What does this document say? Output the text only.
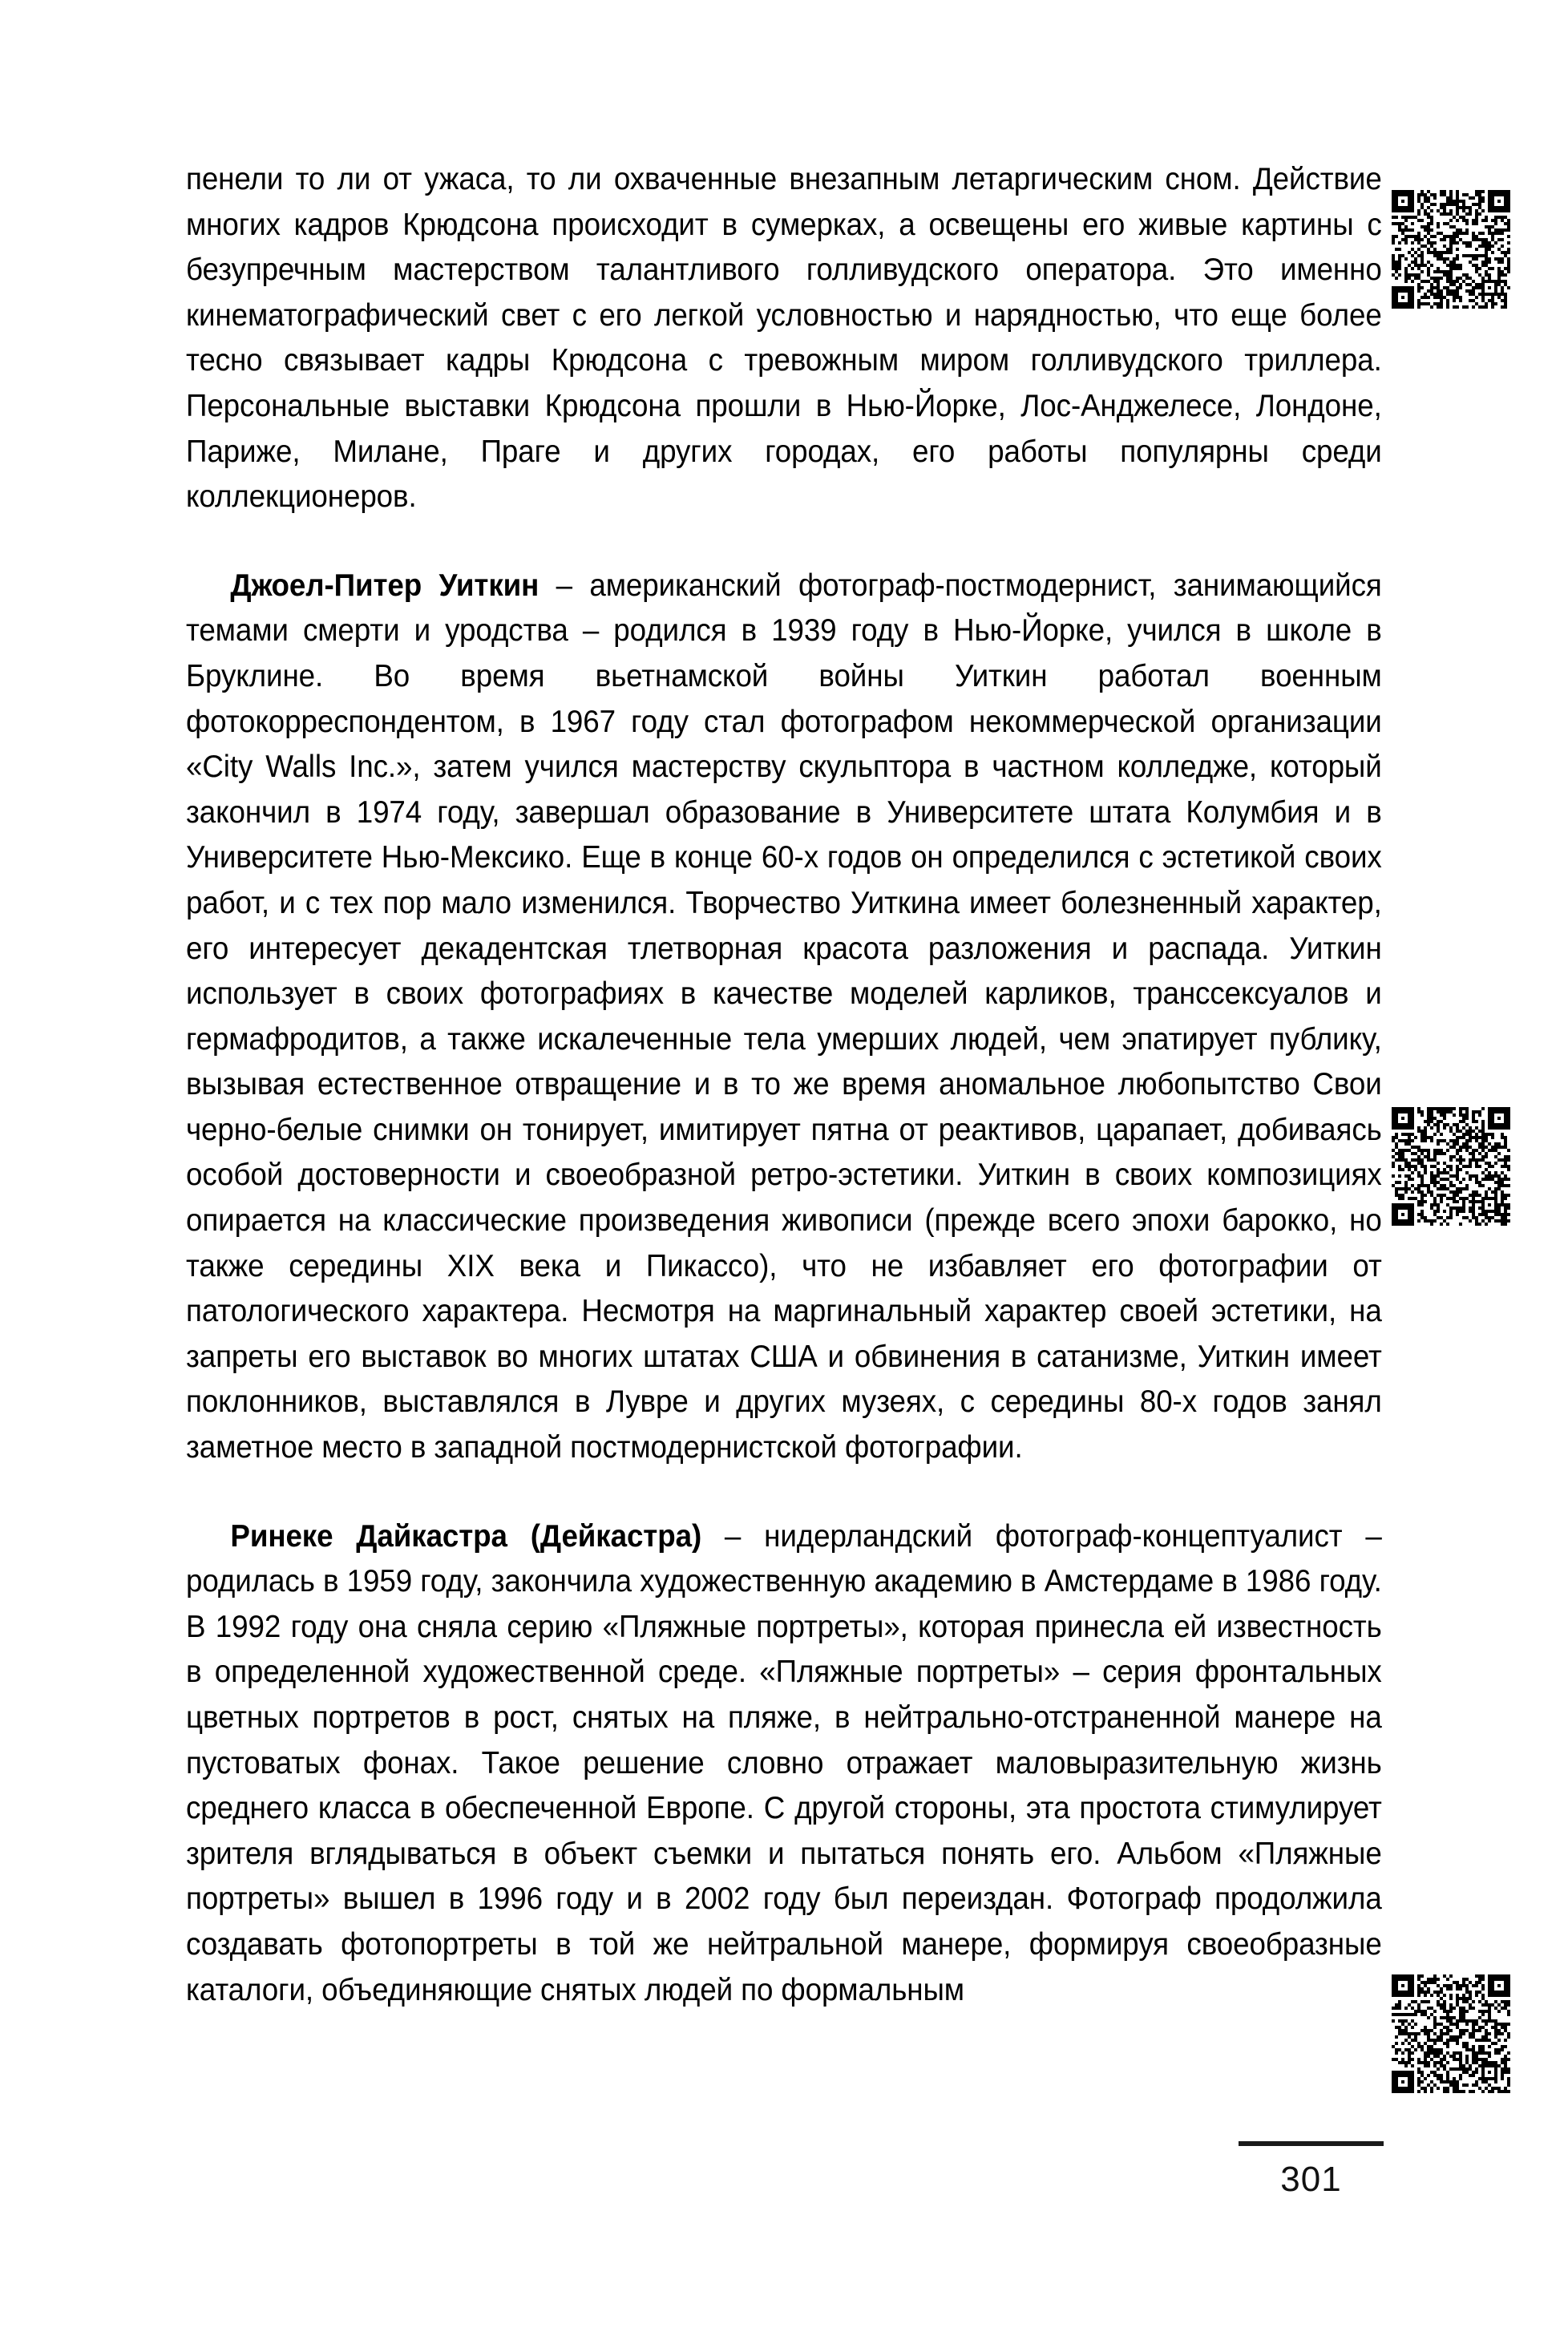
пенели то ли от ужаса, то ли охваченные внезапным летаргическим сном. Действие многих кадров Крюдсона происходит в сумерках, а освещены его живые картины с безупречным мастерством талантливого голливудского оператора. Это именно кинематографический свет с его легкой условностью и нарядностью, что еще более тесно связывает кадры Крюдсона с тревожным миром голливудского триллера. Персональные выставки Крюдсона прошли в Нью-Йорке, Лос-Анджелесе, Лондоне, Париже, Милане, Праге и других городах, его работы популярны среди коллекционеров.

Джоел-Питер Уиткин – американский фотограф-постмодернист, занимающийся темами смерти и уродства – родился в 1939 году в Нью-Йорке, учился в школе в Бруклине. Во время вьетнамской войны Уиткин работал военным фотокорреспондентом, в 1967 году стал фотографом некоммерческой организации «City Walls Inc.», затем учился мастерству скульптора в частном колледже, который закончил в 1974 году, завершал образование в Университете штата Колумбия и в Университете Нью-Мексико. Еще в конце 60-х годов он определился с эстетикой своих работ, и с тех пор мало изменился. Творчество Уиткина имеет болезненный характер, его интересует декадентская тлетворная красота разложения и распада. Уиткин использует в своих фотографиях в качестве моделей карликов, транссексуалов и гермафродитов, а также искалеченные тела умерших людей, чем эпатирует публику, вызывая естественное отвращение и в то же время аномальное любопытство Свои черно-белые снимки он тонирует, имитирует пятна от реактивов, царапает, добиваясь особой достоверности и своеобразной ретро-эстетики. Уиткин в своих композициях опирается на классические произведения живописи (прежде всего эпохи барокко, но также середины XIX века и Пикассо), что не избавляет его фотографии от патологического характера. Несмотря на маргинальный характер своей эстетики, на запреты его выставок во многих штатах США и обвинения в сатанизме, Уиткин имеет поклонников, выставлялся в Лувре и других музеях, с середины 80-х годов занял заметное место в западной постмодернистской фотографии.

Ринеке Дайкастра (Дейкастра) – нидерландский фотограф-концептуалист – родилась в 1959 году, закончила художественную академию в Амстердаме в 1986 году. В 1992 году она сняла серию «Пляжные портреты», которая принесла ей известность в определенной художественной среде. «Пляжные портреты» – серия фронтальных цветных портретов в рост, снятых на пляже, в нейтрально-отстраненной манере на пустоватых фонах. Такое решение словно отражает маловыразительную жизнь среднего класса в обеспеченной Европе. С другой стороны, эта простота стимулирует зрителя вглядываться в объект съемки и пытаться понять его. Альбом «Пляжные портреты» вышел в 1996 году и в 2002 году был переиздан. Фотограф продолжила создавать фотопортреты в той же нейтральной манере, формируя своеобразные каталоги, объединяющие снятых людей по формальным

301
